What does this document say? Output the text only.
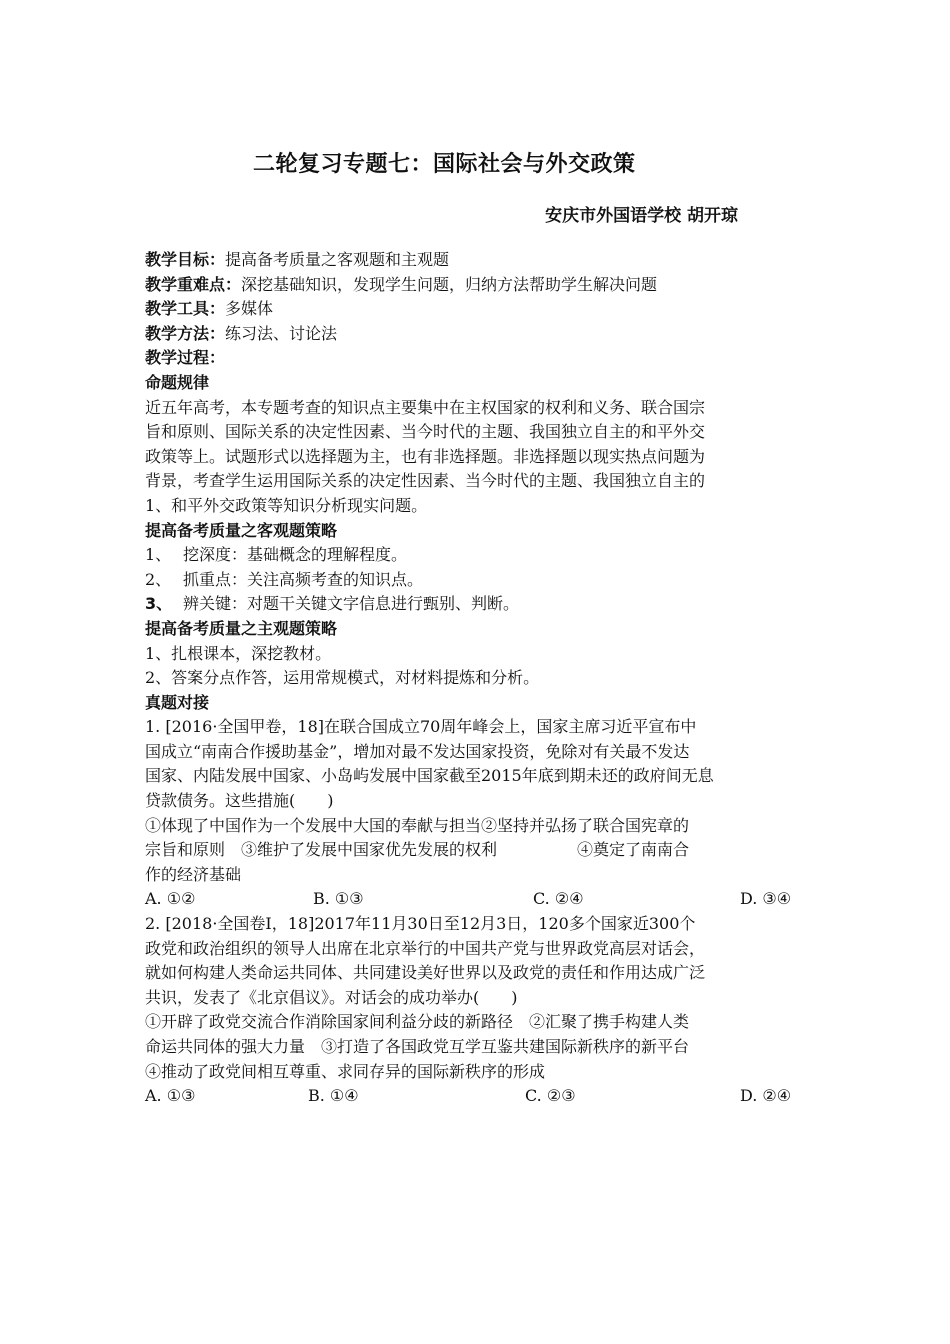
二轮复习专题七：国际社会与外交政策
安庆市外国语学校 胡开琼
教学目标：提高备考质量之客观题和主观题
教学重难点：深挖基础知识，发现学生问题，归纳方法帮助学生解决问题
教学工具：多媒体
教学方法：练习法、讨论法
教学过程：
命题规律
近五年高考，本专题考查的知识点主要集中在主权国家的权利和义务、联合国宗
旨和原则、国际关系的决定性因素、当今时代的主题、我国独立自主的和平外交
政策等上。试题形式以选择题为主，也有非选择题。非选择题以现实热点问题为
背景，考查学生运用国际关系的决定性因素、当今时代的主题、我国独立自主的
1、和平外交政策等知识分析现实问题。
提高备考质量之客观题策略
1、 挖深度：基础概念的理解程度。
2、 抓重点：关注高频考查的知识点。
3、 辨关键：对题干关键文字信息进行甄别、判断。
提高备考质量之主观题策略
1、扎根课本，深挖教材。
2、答案分点作答，运用常规模式，对材料提炼和分析。
真题对接
1. [2016·全国甲卷，18]在联合国成立70周年峰会上，国家主席习近平宣布中
国成立“南南合作援助基金”，增加对最不发达国家投资，免除对有关最不发达
国家、内陆发展中国家、小岛屿发展中国家截至2015年底到期未还的政府间无息
贷款债务。这些措施(　　)
①体现了中国作为一个发展中大国的奉献与担当②坚持并弘扬了联合国宪章的
宗旨和原则　③维护了发展中国家优先发展的权利　　　　　④奠定了南南合
作的经济基础
A. ①②	B. ①③	C. ②④	D. ③④
2. [2018·全国卷Ⅰ，18]2017年11月30日至12月3日，120多个国家近300个
政党和政治组织的领导人出席在北京举行的中国共产党与世界政党高层对话会，
就如何构建人类命运共同体、共同建设美好世界以及政党的责任和作用达成广泛
共识，发表了《北京倡议》。对话会的成功举办(　　)
①开辟了政党交流合作消除国家间利益分歧的新路径　②汇聚了携手构建人类
命运共同体的强大力量　③打造了各国政党互学互鉴共建国际新秩序的新平台
④推动了政党间相互尊重、求同存异的国际新秩序的形成
A. ①③	B. ①④	C. ②③	D. ②④
